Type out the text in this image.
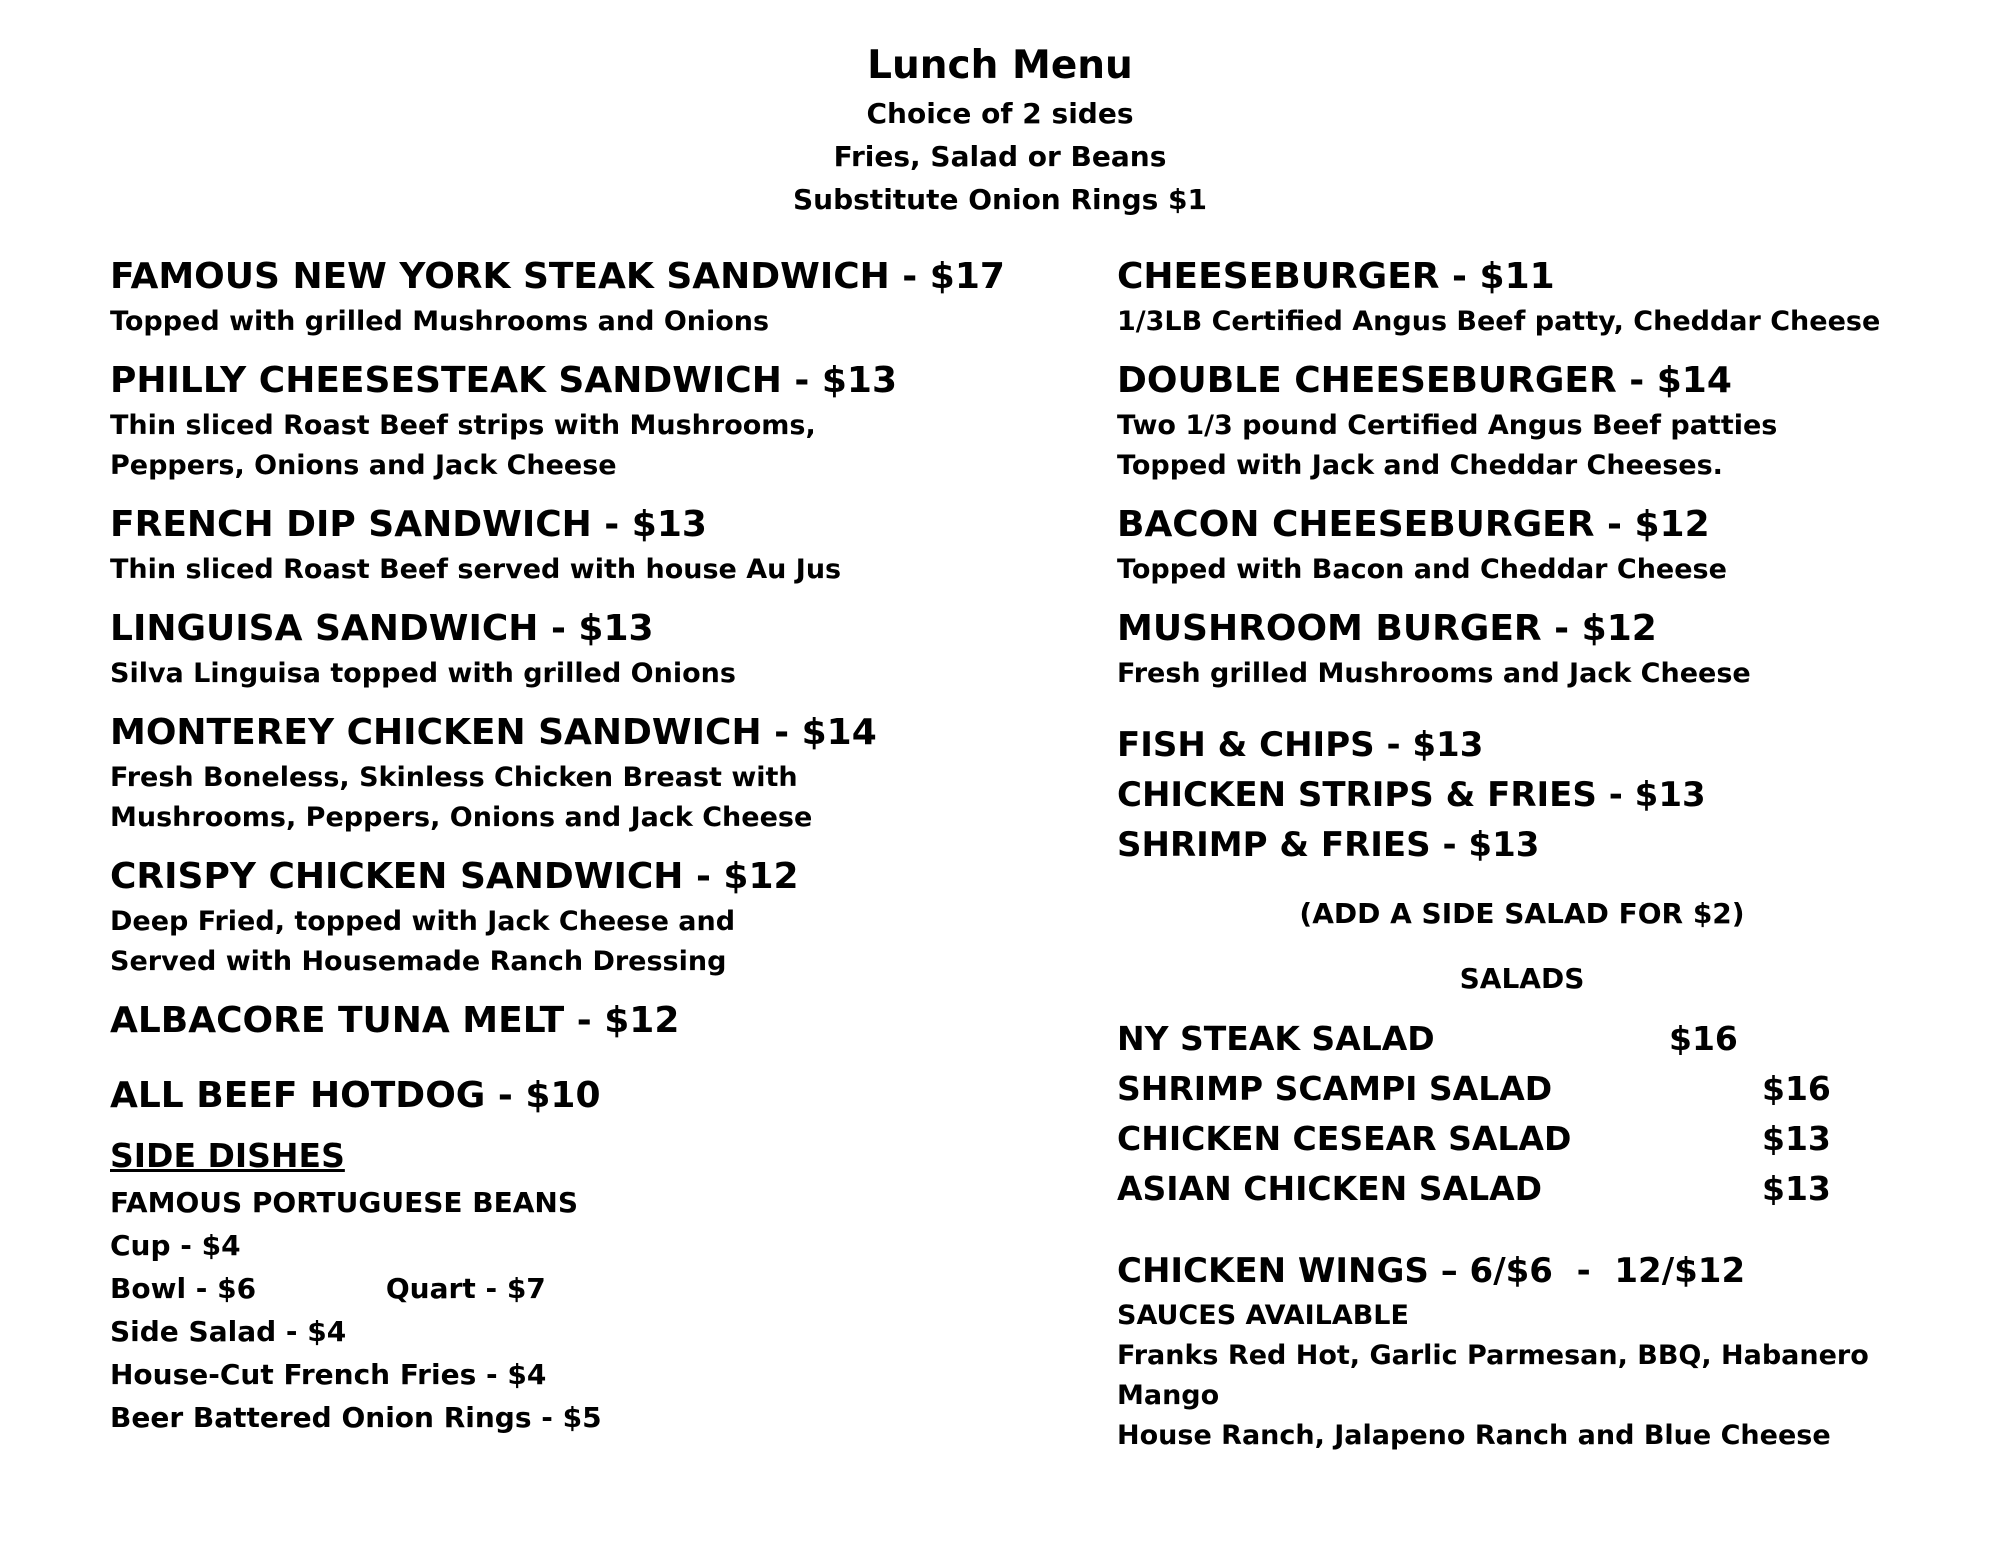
Lunch Menu
Choice of 2 sides
Fries, Salad or Beans
Substitute Onion Rings $1
FAMOUS NEW YORK STEAK SANDWICH - $17
Topped with grilled Mushrooms and Onions
PHILLY CHEESESTEAK SANDWICH - $13
Thin sliced Roast Beef strips with Mushrooms,
Peppers, Onions and Jack Cheese
FRENCH DIP SANDWICH - $13
Thin sliced Roast Beef served with house Au Jus
LINGUISA SANDWICH - $13
Silva Linguisa topped with grilled Onions
MONTEREY CHICKEN SANDWICH - $14
Fresh Boneless, Skinless Chicken Breast with
Mushrooms, Peppers, Onions and Jack Cheese
CRISPY CHICKEN SANDWICH - $12
Deep Fried, topped with Jack Cheese and
Served with Housemade Ranch Dressing
ALBACORE TUNA MELT - $12
ALL BEEF HOTDOG - $10
SIDE DISHES
FAMOUS PORTUGUESE BEANS
Cup - $4
Bowl - $6	Quart - $7
Side Salad - $4
House-Cut French Fries - $4
Beer Battered Onion Rings - $5
CHEESEBURGER - $11
1/3LB Certified Angus Beef patty, Cheddar Cheese
DOUBLE CHEESEBURGER - $14
Two 1/3 pound Certified Angus Beef patties
Topped with Jack and Cheddar Cheeses.
BACON CHEESEBURGER - $12
Topped with Bacon and Cheddar Cheese
MUSHROOM BURGER - $12
Fresh grilled Mushrooms and Jack Cheese
FISH & CHIPS - $13
CHICKEN STRIPS & FRIES - $13
SHRIMP & FRIES - $13
(ADD A SIDE SALAD FOR $2)
SALADS
NY STEAK SALAD	$16
SHRIMP SCAMPI SALAD	$16
CHICKEN CESEAR SALAD	$13
ASIAN CHICKEN SALAD	$13
CHICKEN WINGS – 6/$6  -  12/$12
SAUCES AVAILABLE
Franks Red Hot, Garlic Parmesan, BBQ, Habanero
Mango
House Ranch, Jalapeno Ranch and Blue Cheese
